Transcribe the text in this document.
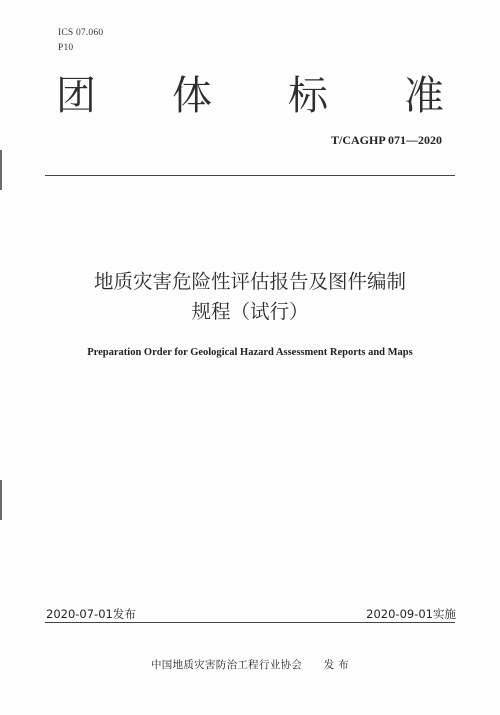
ICS 07.060
P10
团 体 标 准
T/CAGHP 071—2020
地质灾害危险性评估报告及图件编制
规程（试行）
Preparation Order for Geological Hazard Assessment Reports and Maps
2020-07-01发布	2020-09-01实施
中国地质灾害防治工程行业协会　　发 布
